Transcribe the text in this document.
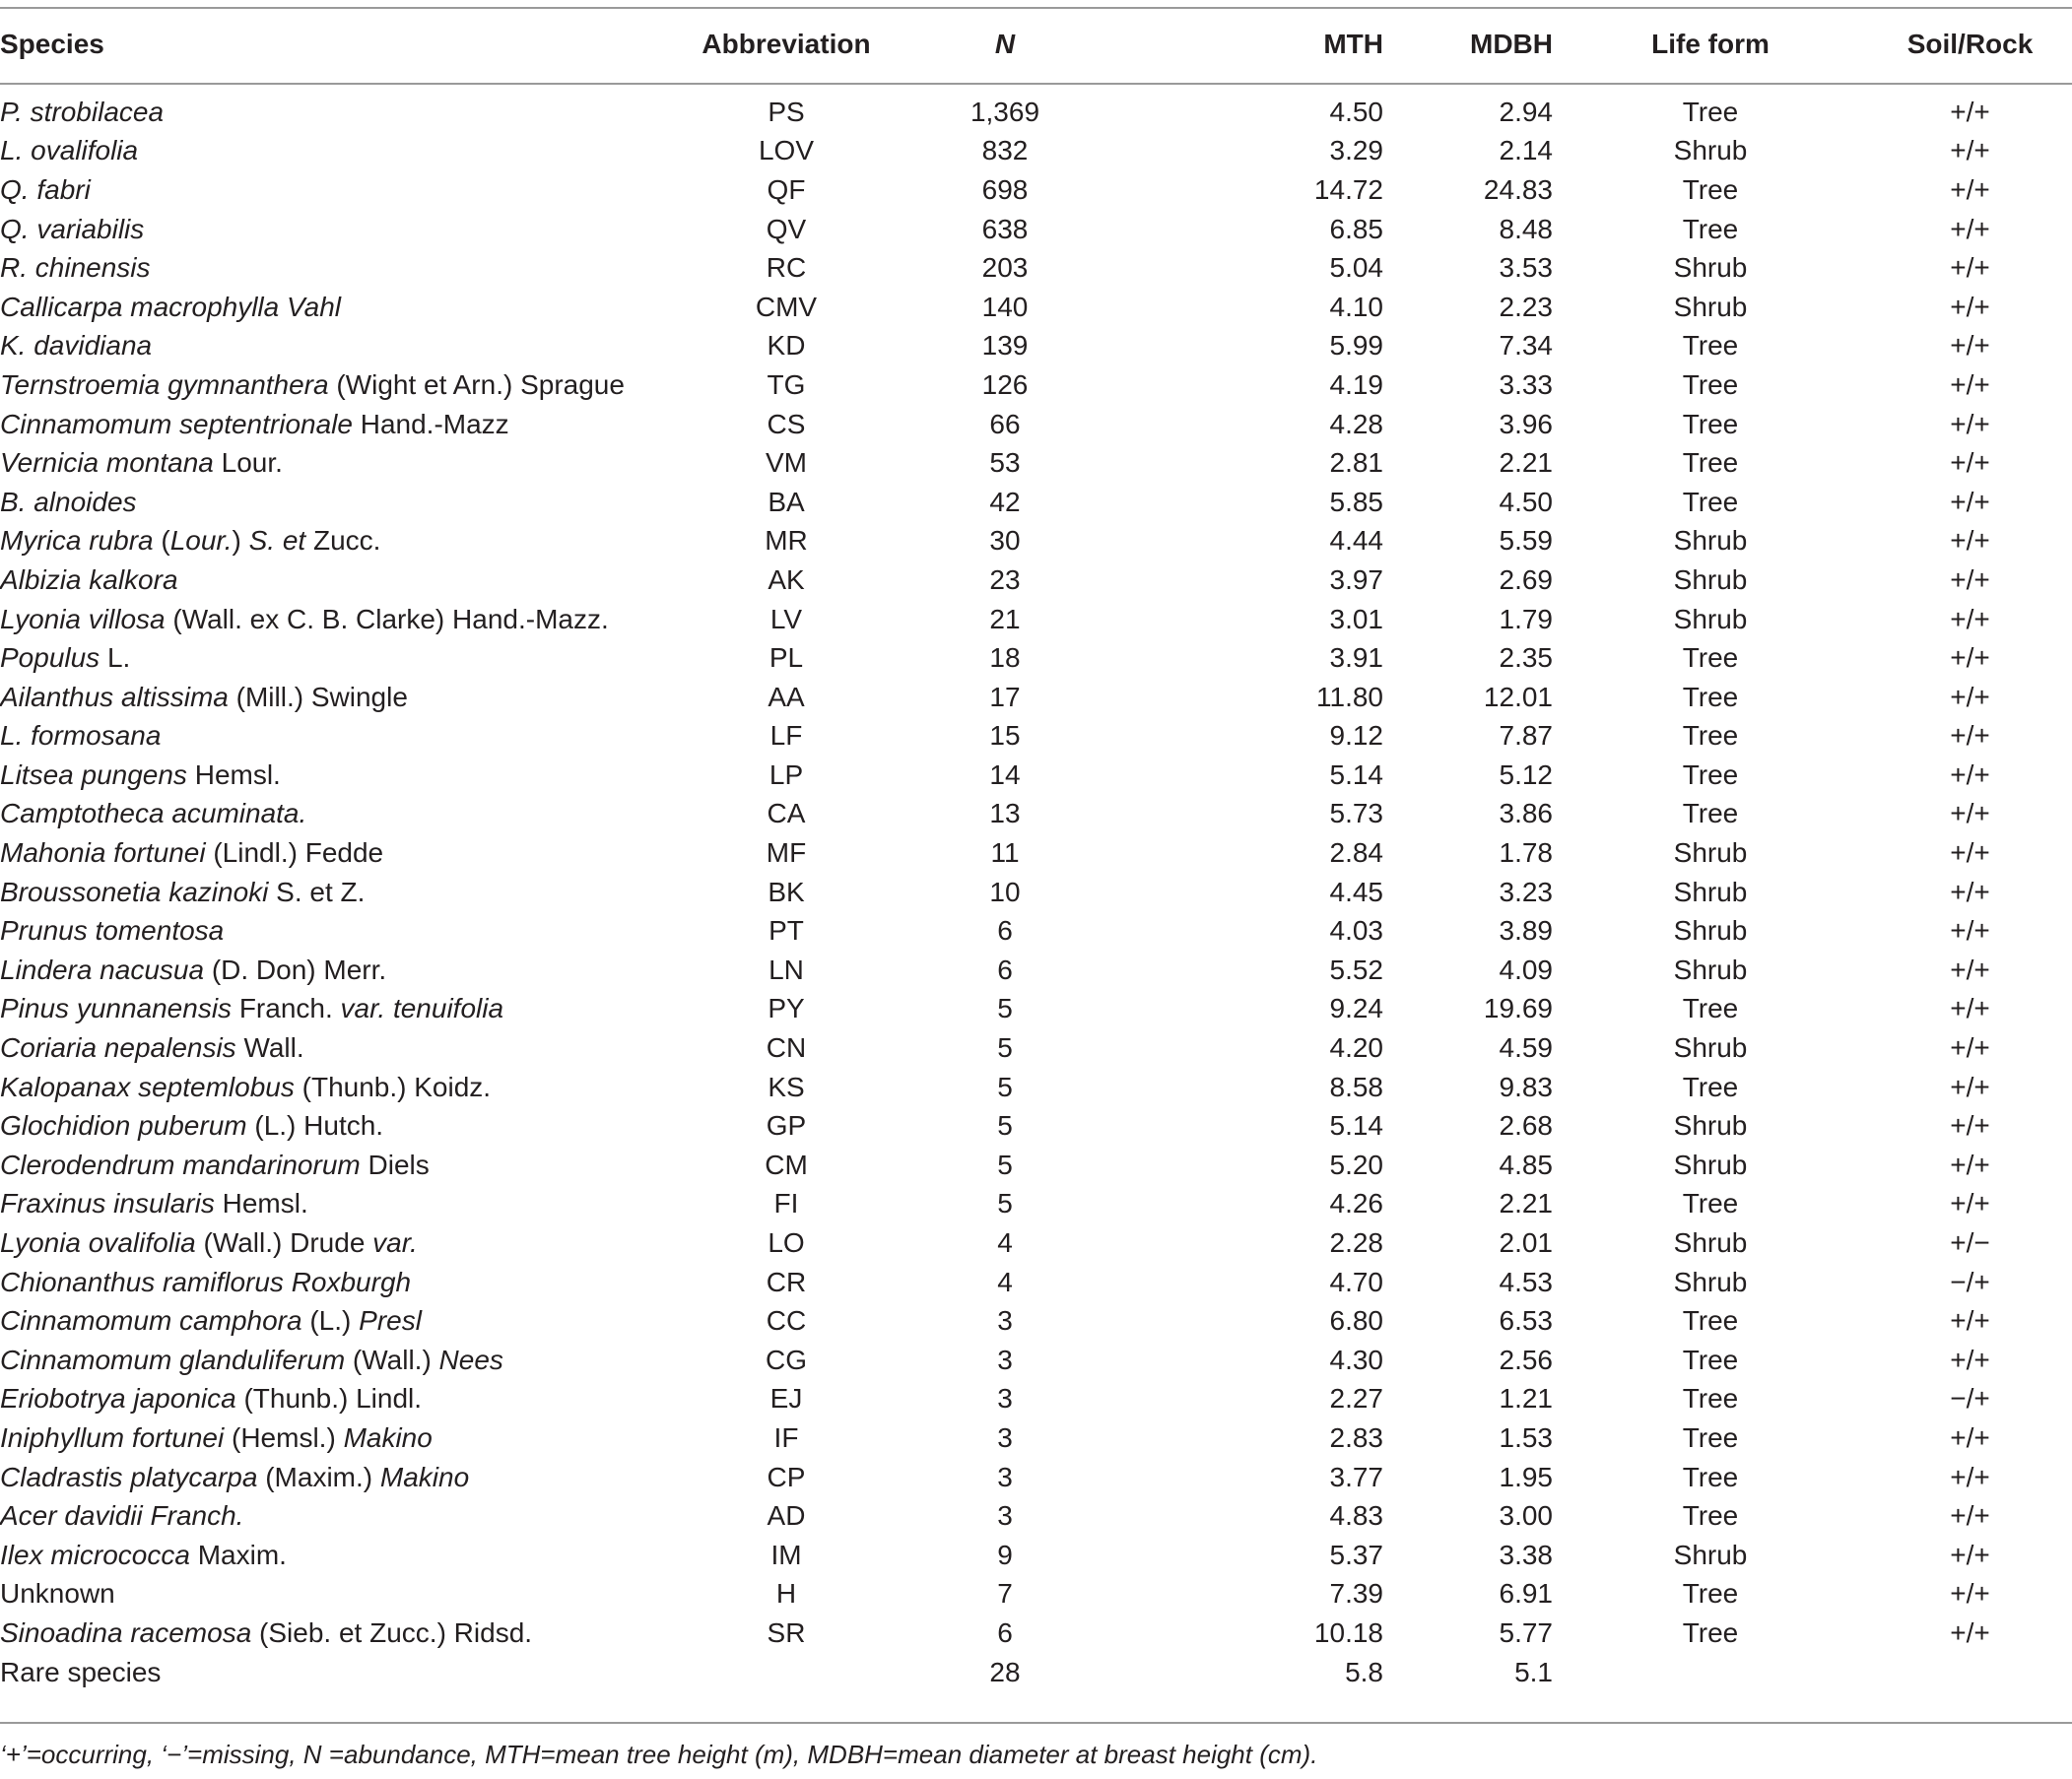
Species	Abbreviation	N	MTH	MDBH	Life form	Soil/Rock

P. strobilacea	PS	1,369	4.50	2.94	Tree	+/+
L. ovalifolia	LOV	832	3.29	2.14	Shrub	+/+
Q. fabri	QF	698	14.72	24.83	Tree	+/+
Q. variabilis	QV	638	6.85	8.48	Tree	+/+
R. chinensis	RC	203	5.04	3.53	Shrub	+/+
Callicarpa macrophylla Vahl	CMV	140	4.10	2.23	Shrub	+/+
K. davidiana	KD	139	5.99	7.34	Tree	+/+
Ternstroemia gymnanthera (Wight et Arn.) Sprague	TG	126	4.19	3.33	Tree	+/+
Cinnamomum septentrionale Hand.-Mazz	CS	66	4.28	3.96	Tree	+/+
Vernicia montana Lour.	VM	53	2.81	2.21	Tree	+/+
B. alnoides	BA	42	5.85	4.50	Tree	+/+
Myrica rubra (Lour.) S. et Zucc.	MR	30	4.44	5.59	Shrub	+/+
Albizia kalkora	AK	23	3.97	2.69	Shrub	+/+
Lyonia villosa (Wall. ex C. B. Clarke) Hand.-Mazz.	LV	21	3.01	1.79	Shrub	+/+
Populus L.	PL	18	3.91	2.35	Tree	+/+
Ailanthus altissima (Mill.) Swingle	AA	17	11.80	12.01	Tree	+/+
L. formosana	LF	15	9.12	7.87	Tree	+/+
Litsea pungens Hemsl.	LP	14	5.14	5.12	Tree	+/+
Camptotheca acuminata.	CA	13	5.73	3.86	Tree	+/+
Mahonia fortunei (Lindl.) Fedde	MF	11	2.84	1.78	Shrub	+/+
Broussonetia kazinoki S. et Z.	BK	10	4.45	3.23	Shrub	+/+
Prunus tomentosa	PT	6	4.03	3.89	Shrub	+/+
Lindera nacusua (D. Don) Merr.	LN	6	5.52	4.09	Shrub	+/+
Pinus yunnanensis Franch. var. tenuifolia	PY	5	9.24	19.69	Tree	+/+
Coriaria nepalensis Wall.	CN	5	4.20	4.59	Shrub	+/+
Kalopanax septemlobus (Thunb.) Koidz.	KS	5	8.58	9.83	Tree	+/+
Glochidion puberum (L.) Hutch.	GP	5	5.14	2.68	Shrub	+/+
Clerodendrum mandarinorum Diels	CM	5	5.20	4.85	Shrub	+/+
Fraxinus insularis Hemsl.	FI	5	4.26	2.21	Tree	+/+
Lyonia ovalifolia (Wall.) Drude var.	LO	4	2.28	2.01	Shrub	+/−
Chionanthus ramiflorus Roxburgh	CR	4	4.70	4.53	Shrub	−/+
Cinnamomum camphora (L.) Presl	CC	3	6.80	6.53	Tree	+/+
Cinnamomum glanduliferum (Wall.) Nees	CG	3	4.30	2.56	Tree	+/+
Eriobotrya japonica (Thunb.) Lindl.	EJ	3	2.27	1.21	Tree	−/+
Iniphyllum fortunei (Hemsl.) Makino	IF	3	2.83	1.53	Tree	+/+
Cladrastis platycarpa (Maxim.) Makino	CP	3	3.77	1.95	Tree	+/+
Acer davidii Franch.	AD	3	4.83	3.00	Tree	+/+
Ilex micrococca Maxim.	IM	9	5.37	3.38	Shrub	+/+
Unknown	H	7	7.39	6.91	Tree	+/+
Sinoadina racemosa (Sieb. et Zucc.) Ridsd.	SR	6	10.18	5.77	Tree	+/+
Rare species		28	5.8	5.1		
‘+’=occurring, ‘−’=missing, N =abundance, MTH=mean tree height (m), MDBH=mean diameter at breast height (cm).
